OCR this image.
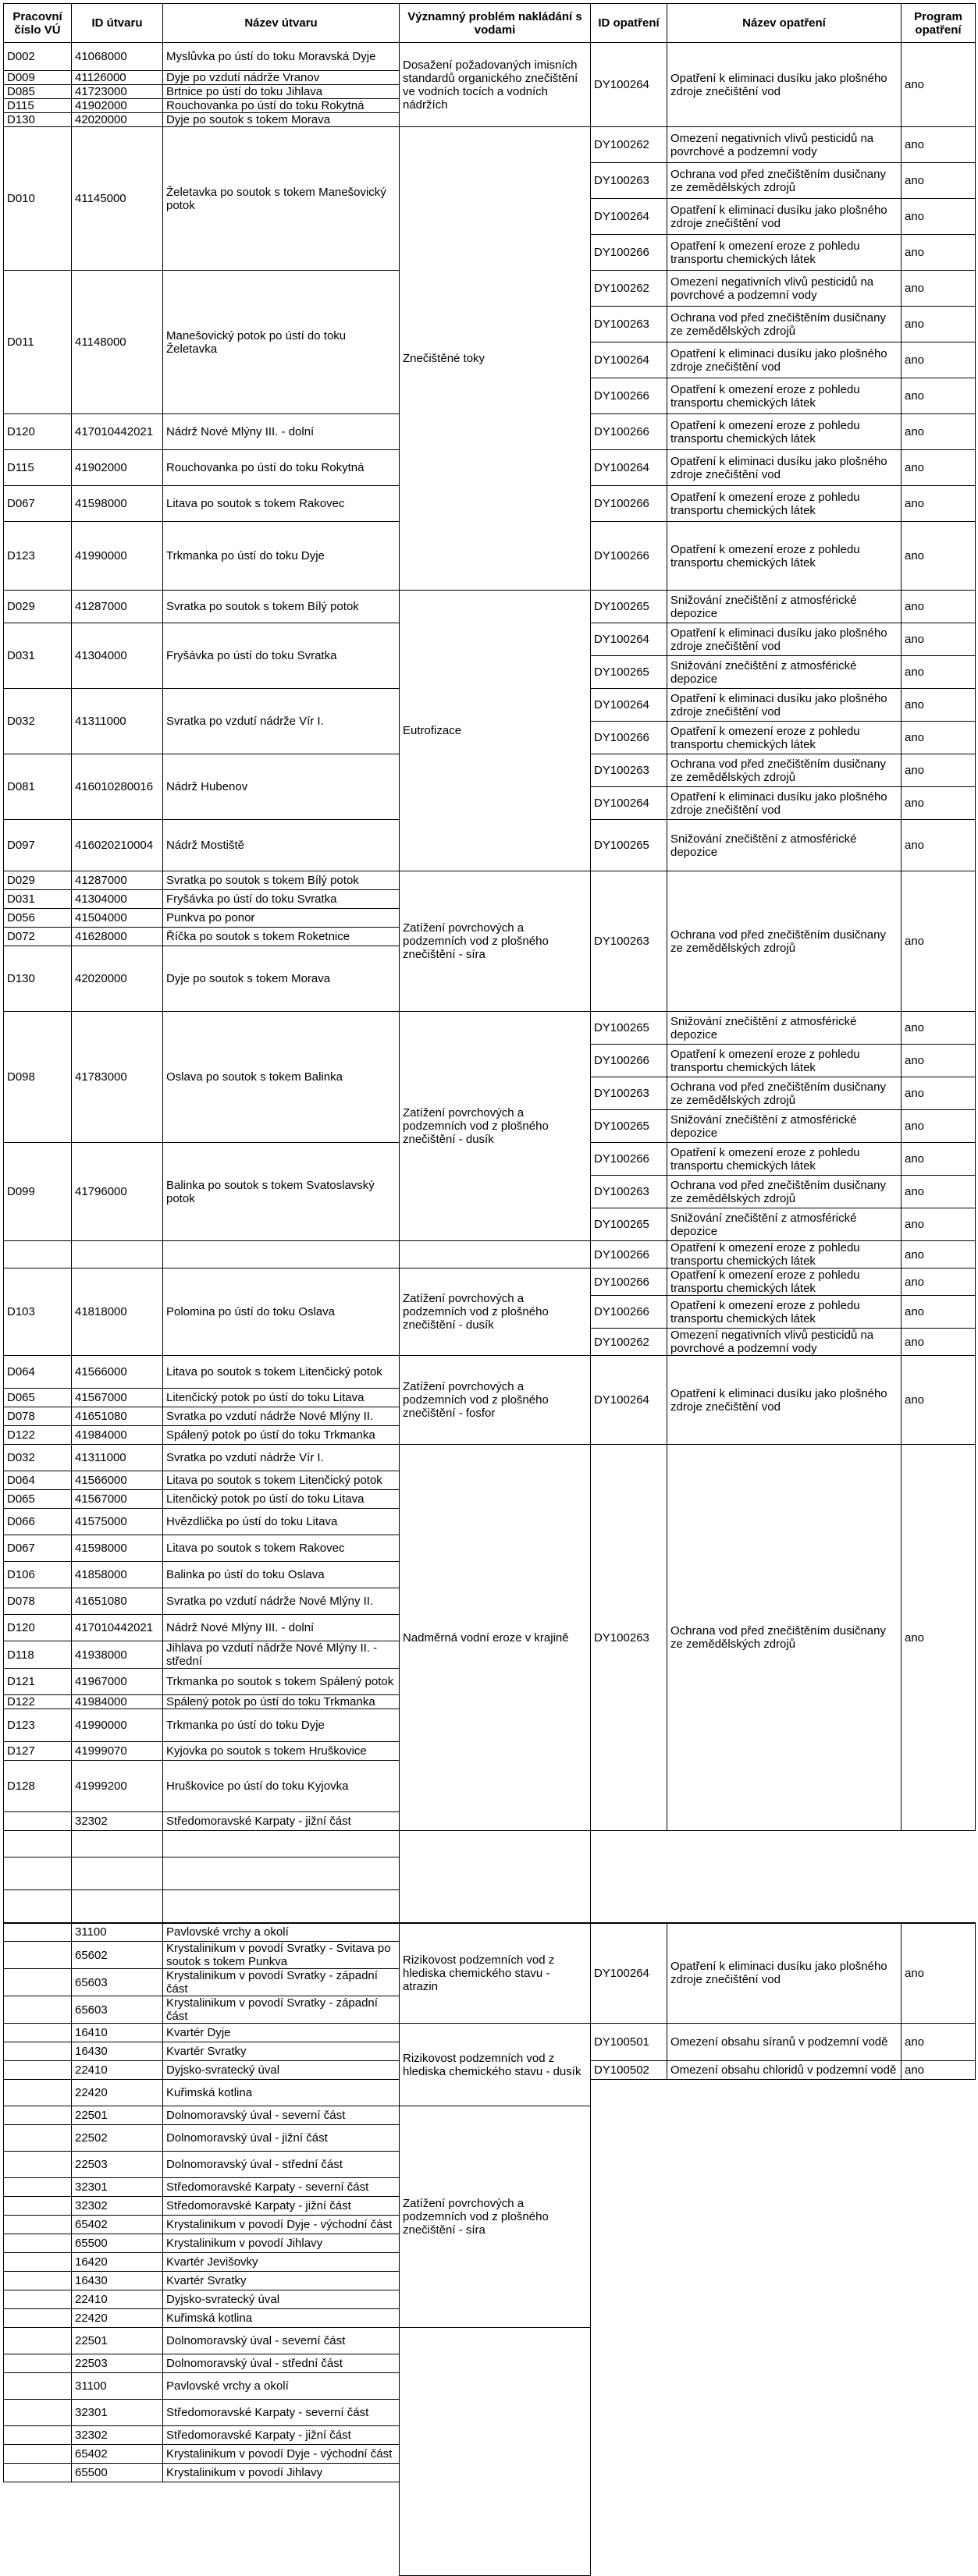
Pracovní číslo VÚ	ID útvaru	Název útvaru	Významný problém nakládání s vodami	ID opatření	Název opatření	Program opatření
D002	41068000	Myslůvka po ústí do toku Moravská Dyje	Dosažení požadovaných imisních standardů organického znečištění ve vodních tocích a vodních nádržích	DY100264	Opatření k eliminaci dusíku jako plošného zdroje znečištění vod	ano
D009	41126000	Dyje po vzdutí nádrže Vranov				
D085	41723000	Brtnice po ústí do toku Jihlava				
D115	41902000	Rouchovanka po ústí do toku Rokytná				
D130	42020000	Dyje po soutok s tokem Morava				
D010	41145000	Želetavka po soutok s tokem Manešovický potok	Znečištěné toky	DY100262	Omezení negativních vlivů pesticidů na povrchové a podzemní vody	ano
				DY100263	Ochrana vod před znečištěním dusičnany ze zemědělských zdrojů	ano
				DY100264	Opatření k eliminaci dusíku jako plošného zdroje znečištění vod	ano
				DY100266	Opatření k omezení eroze z pohledu transportu chemických látek	ano
D011	41148000	Manešovický potok po ústí do toku Želetavka		DY100262	Omezení negativních vlivů pesticidů na povrchové a podzemní vody	ano
				DY100263	Ochrana vod před znečištěním dusičnany ze zemědělských zdrojů	ano
				DY100264	Opatření k eliminaci dusíku jako plošného zdroje znečištění vod	ano
				DY100266	Opatření k omezení eroze z pohledu transportu chemických látek	ano
D120	417010442021	Nádrž Nové Mlýny III. - dolní		DY100266	Opatření k omezení eroze z pohledu transportu chemických látek	ano
D115	41902000	Rouchovanka po ústí do toku Rokytná		DY100264	Opatření k eliminaci dusíku jako plošného zdroje znečištění vod	ano
D067	41598000	Litava po soutok s tokem Rakovec		DY100266	Opatření k omezení eroze z pohledu transportu chemických látek	ano
D123	41990000	Trkmanka po ústí do toku Dyje		DY100266	Opatření k omezení eroze z pohledu transportu chemických látek	ano

D029	41287000	Svratka po soutok s tokem Bílý potok	Eutrofizace	DY100265	Snižování znečištění z atmosférické depozice	ano
D031	41304000	Fryšávka po ústí do toku Svratka		DY100264	Opatření k eliminaci dusíku jako plošného zdroje znečištění vod	ano
				DY100265	Snižování znečištění z atmosférické depozice	ano
D032	41311000	Svratka po vzdutí nádrže Vír I.		DY100264	Opatření k eliminaci dusíku jako plošného zdroje znečištění vod	ano
				DY100266	Opatření k omezení eroze z pohledu transportu chemických látek	ano
D081	416010280016	Nádrž Hubenov		DY100263	Ochrana vod před znečištěním dusičnany ze zemědělských zdrojů	ano
				DY100264	Opatření k eliminaci dusíku jako plošného zdroje znečištění vod	ano
D097	416020210004	Nádrž Mostiště		DY100265	Snižování znečištění z atmosférické depozice	ano

D029	41287000	Svratka po soutok s tokem Bílý potok	Zatížení povrchových a podzemních vod z plošného znečištění - síra	DY100263	Ochrana vod před znečištěním dusičnany ze zemědělských zdrojů	ano
D031	41304000	Fryšávka po ústí do toku Svratka				
D056	41504000	Punkva po ponor				
D072	41628000	Říčka po soutok s tokem Roketnice				
D130	42020000	Dyje po soutok s tokem Morava				

D098	41783000	Oslava po soutok s tokem Balinka	Zatížení povrchových a podzemních vod z plošného znečištění - dusík	DY100265	Snižování znečištění z atmosférické depozice	ano
				DY100266	Opatření k omezení eroze z pohledu transportu chemických látek	ano
				DY100263	Ochrana vod před znečištěním dusičnany ze zemědělských zdrojů	ano
				DY100265	Snižování znečištění z atmosférické depozice	ano
D099	41796000	Balinka po soutok s tokem Svatoslavský potok		DY100266	Opatření k omezení eroze z pohledu transportu chemických látek	ano
				DY100263	Ochrana vod před znečištěním dusičnany ze zemědělských zdrojů	ano
				DY100265	Snižování znečištění z atmosférické depozice	ano
				DY100266	Opatření k omezení eroze z pohledu transportu chemických látek	ano
D103	41818000	Polomina po ústí do toku Oslava	Zatížení povrchových a podzemních vod z plošného znečištění - dusík	DY100266	Opatření k omezení eroze z pohledu transportu chemických látek	ano
				DY100266	Opatření k omezení eroze z pohledu transportu chemických látek	ano
				DY100262	Omezení negativních vlivů pesticidů na povrchové a podzemní vody	ano
D064	41566000	Litava po soutok s tokem Litenčický potok	Zatížení povrchových a podzemních vod z plošného znečištění - fosfor	DY100264	Opatření k eliminaci dusíku jako plošného zdroje znečištění vod	ano
D065	41567000	Litenčický potok po ústí do toku Litava				
D078	41651080	Svratka po vzdutí nádrže Nové Mlýny II.				
D122	41984000	Spálený potok po ústí do toku Trkmanka				
D032	41311000	Svratka po vzdutí nádrže Vír I.	Nadměrná vodní eroze v krajině	DY100263	Ochrana vod před znečištěním dusičnany ze zemědělských zdrojů	ano
D064	41566000	Litava po soutok s tokem Litenčický potok				
D065	41567000	Litenčický potok po ústí do toku Litava				
D066	41575000	Hvězdlička po ústí do toku Litava				
D067	41598000	Litava po soutok s tokem Rakovec				
D106	41858000	Balinka po ústí do toku Oslava				
D078	41651080	Svratka po vzdutí nádrže Nové Mlýny II.				
D120	417010442021	Nádrž Nové Mlýny III. - dolní				
D118	41938000	Jihlava po vzdutí nádrže Nové Mlýny II. - střední				
D121	41967000	Trkmanka po soutok s tokem Spálený potok				
D122	41984000	Spálený potok po ústí do toku Trkmanka				
D123	41990000	Trkmanka po ústí do toku Dyje				
D127	41999070	Kyjovka po soutok s tokem Hruškovice				
D128	41999200	Hruškovice po ústí do toku Kyjovka				

	32302	Středomoravské Karpaty - jižní část				

	31100	Pavlovské vrchy a okolí	Rizikovost podzemních vod z hlediska chemického stavu - atrazin	DY100264	Opatření k eliminaci dusíku jako plošného zdroje znečištění vod	ano
	65602	Krystalinikum v povodí Svratky - Svitava po soutok s tokem Punkva				
	65603	Krystalinikum v povodí Svratky - západní část				
	65603	Krystalinikum v povodí Svratky - západní část				
	16410	Kvartér Dyje	Rizikovost podzemních vod z hlediska chemického stavu - dusík	DY100501	Omezení obsahu síranů v podzemní vodě	ano
	16430	Kvartér Svratky				
	22410	Dyjsko-svratecký úval		DY100502	Omezení obsahu chloridů v podzemní vodě	ano
	22420	Kuřimská kotlina				
	22501	Dolnomoravský úval - severní část	Zatížení povrchových a podzemních vod z plošného znečištění - síra			
	22502	Dolnomoravský úval - jižní část				
	22503	Dolnomoravský úval - střední část				
	32301	Středomoravské Karpaty - severní část				
	32302	Středomoravské Karpaty - jižní část				
	65402	Krystalinikum v povodí Dyje - východní část				
	65500	Krystalinikum v povodí Jihlavy				
	16420	Kvartér Jevišovky				
	16430	Kvartér Svratky				
	22410	Dyjsko-svratecký úval				
	22420	Kuřimská kotlina				
	22501	Dolnomoravský úval - severní část				
	22503	Dolnomoravský úval - střední část				
	31100	Pavlovské vrchy a okolí				
	32301	Středomoravské Karpaty - severní část				
	32302	Středomoravské Karpaty - jižní část				
	65402	Krystalinikum v povodí Dyje - východní část				
	65500	Krystalinikum v povodí Jihlavy				
